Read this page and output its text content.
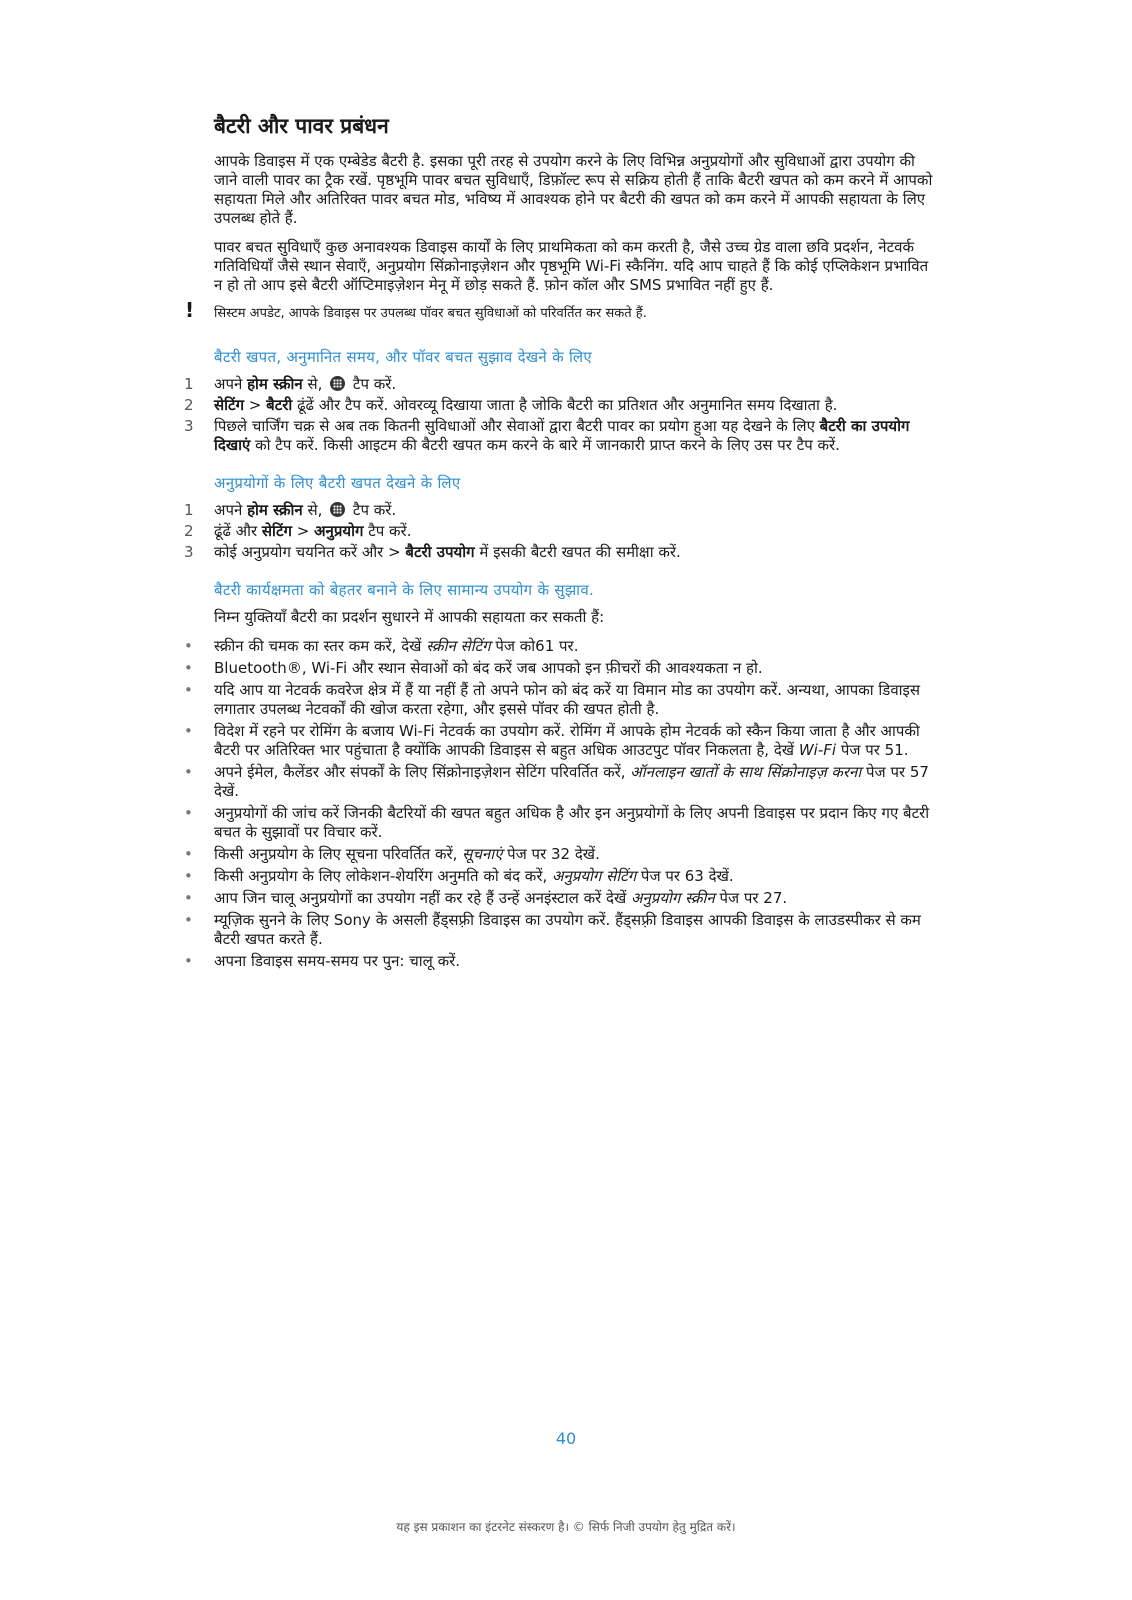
बैटरी और पावर प्रबंधन

आपके डिवाइस में एक एम्बेडेड बैटरी है. इसका पूरी तरह से उपयोग करने के लिए विभिन्न अनुप्रयोगों और सुविधाओं द्वारा उपयोग की जाने वाली पावर का ट्रैक रखें. पृष्ठभूमि पावर बचत सुविधाएँ, डिफ़ॉल्ट रूप से सक्रिय होती हैं ताकि बैटरी खपत को कम करने में आपको सहायता मिले और अतिरिक्त पावर बचत मोड, भविष्य में आवश्यक होने पर बैटरी की खपत को कम करने में आपकी सहायता के लिए उपलब्ध होते हैं.

पावर बचत सुविधाएँ कुछ अनावश्यक डिवाइस कार्यों के लिए प्राथमिकता को कम करती है, जैसे उच्च ग्रेड वाला छवि प्रदर्शन, नेटवर्क गतिविधियाँ जैसे स्थान सेवाएँ, अनुप्रयोग सिंक्रोनाइज़ेशन और पृष्ठभूमि Wi-Fi स्कैनिंग. यदि आप चाहते हैं कि कोई एप्लिकेशन प्रभावित न हो तो आप इसे बैटरी ऑप्टिमाइज़ेशन मेनू में छोड़ सकते हैं. फ़ोन कॉल और SMS प्रभावित नहीं हुए हैं.

! सिस्टम अपडेट, आपके डिवाइस पर उपलब्ध पॉवर बचत सुविधाओं को परिवर्तित कर सकते हैं.
बैटरी खपत, अनुमानित समय, और पॉवर बचत सुझाव देखने के लिए
1 अपने होम स्क्रीन से,  टैप करें.
2 सेटिंग > बैटरी ढूंढें और टैप करें. ओवरव्यू दिखाया जाता है जोकि बैटरी का प्रतिशत और अनुमानित समय दिखाता है.
3 पिछले चार्जिंग चक्र से अब तक कितनी सुविधाओं और सेवाओं द्वारा बैटरी पावर का प्रयोग हुआ यह देखने के लिए बैटरी का उपयोग दिखाएं को टैप करें. किसी आइटम की बैटरी खपत कम करने के बारे में जानकारी प्राप्त करने के लिए उस पर टैप करें.
अनुप्रयोगों के लिए बैटरी खपत देखने के लिए
1 अपने होम स्क्रीन से,  टैप करें.
2 ढूंढें और सेटिंग > अनुप्रयोग टैप करें.
3 कोई अनुप्रयोग चयनित करें और > बैटरी उपयोग में इसकी बैटरी खपत की समीक्षा करें.
बैटरी कार्यक्षमता को बेहतर बनाने के लिए सामान्य उपयोग के सुझाव.

निम्न युक्तियाँ बैटरी का प्रदर्शन सुधारने में आपकी सहायता कर सकती हैं:

• स्क्रीन की चमक का स्तर कम करें, देखें स्क्रीन सेटिंग पेज को61 पर.
• Bluetooth®, Wi-Fi और स्थान सेवाओं को बंद करें जब आपको इन फ़ीचरों की आवश्यकता न हो.
• यदि आप या नेटवर्क कवरेज क्षेत्र में हैं या नहीं हैं तो अपने फोन को बंद करें या विमान मोड का उपयोग करें. अन्यथा, आपका डिवाइस लगातार उपलब्ध नेटवर्कों की खोज करता रहेगा, और इससे पॉवर की खपत होती है.
• विदेश में रहने पर रोमिंग के बजाय Wi-Fi नेटवर्क का उपयोग करें. रोमिंग में आपके होम नेटवर्क को स्कैन किया जाता है और आपकी बैटरी पर अतिरिक्त भार पहुंचाता है क्योंकि आपकी डिवाइस से बहुत अधिक आउटपुट पॉवर निकलता है, देखें Wi-Fi पेज पर 51.
• अपने ईमेल, कैलेंडर और संपर्कों के लिए सिंक्रोनाइज़ेशन सेटिंग परिवर्तित करें, ऑनलाइन खातों के साथ सिंक्रोनाइज़ करना पेज पर 57 देखें.
• अनुप्रयोगों की जांच करें जिनकी बैटरियों की खपत बहुत अधिक है और इन अनुप्रयोगों के लिए अपनी डिवाइस पर प्रदान किए गए बैटरी बचत के सुझावों पर विचार करें.
• किसी अनुप्रयोग के लिए सूचना परिवर्तित करें, सूचनाएं पेज पर 32 देखें.
• किसी अनुप्रयोग के लिए लोकेशन-शेयरिंग अनुमति को बंद करें, अनुप्रयोग सेटिंग पेज पर 63 देखें.
• आप जिन चालू अनुप्रयोगों का उपयोग नहीं कर रहे हैं उन्हें अनइंस्टाल करें देखें अनुप्रयोग स्क्रीन पेज पर 27.
• म्यूज़िक सुनने के लिए Sony के असली हैंड्सफ़्री डिवाइस का उपयोग करें. हैंड्सफ़्री डिवाइस आपकी डिवाइस के लाउडस्पीकर से कम बैटरी खपत करते हैं.
• अपना डिवाइस समय-समय पर पुन: चालू करें.
40
यह इस प्रकाशन का इंटरनेट संस्करण है। © सिर्फ निजी उपयोग हेतु मुद्रित करें।
